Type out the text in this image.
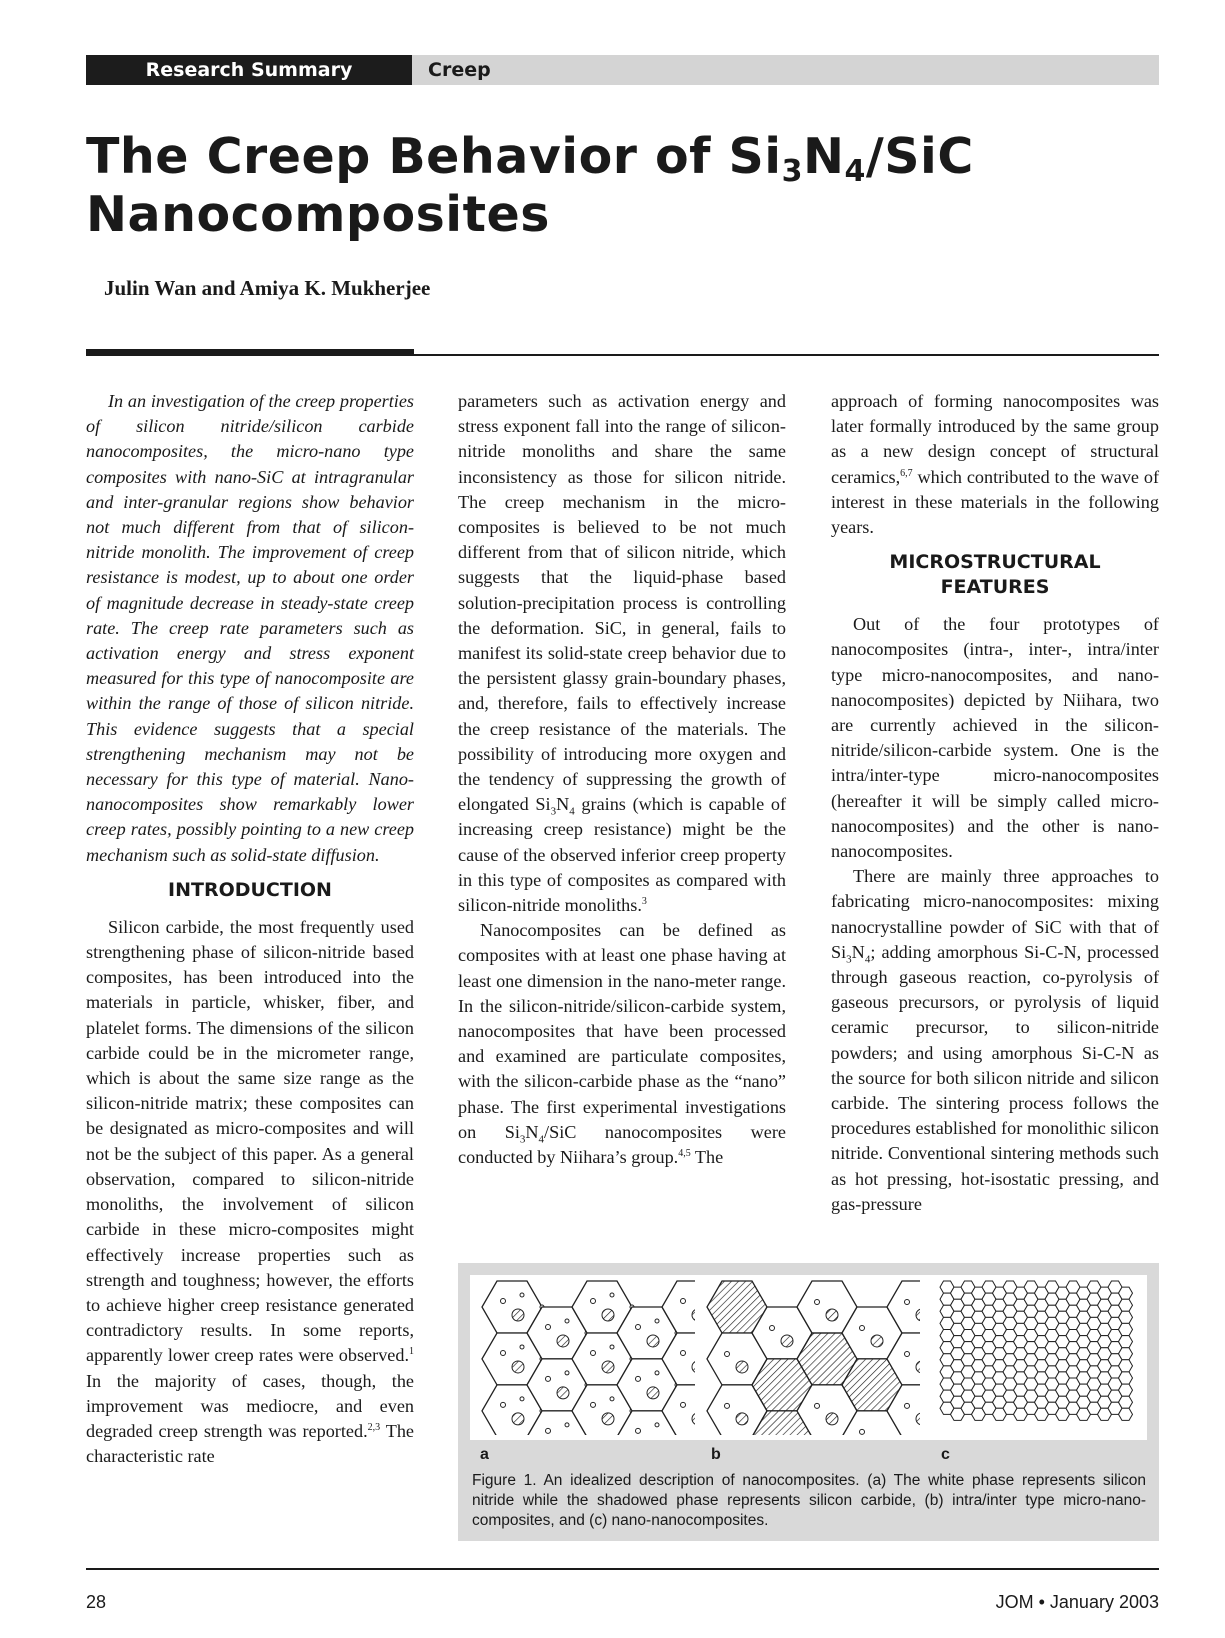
Research Summary	Creep
The Creep Behavior of $Si_3N_4$/SiC
Nanocomposites
Julin Wan and Amiya K. Mukherjee

In an investigation of the creep properties of silicon nitride/silicon carbide nanocomposites, the micro-nano type composites with nano-SiC at intragranular and inter-granular regions show behavior not much different from that of silicon-nitride monolith. The improvement of creep resistance is modest, up to about one order of magnitude decrease in steady-state creep rate. The creep rate parameters such as activation energy and stress exponent measured for this type of nanocomposite are within the range of those of silicon nitride. This evidence suggests that a special strengthening mechanism may not be necessary for this type of material. Nano-nanocomposites show remarkably lower creep rates, possibly pointing to a new creep mechanism such as solid-state diffusion.

INTRODUCTION

Silicon carbide, the most frequently used strengthening phase of silicon-nitride based composites, has been introduced into the materials in particle, whisker, fiber, and platelet forms. The dimensions of the silicon carbide could be in the micrometer range, which is about the same size range as the silicon-nitride matrix; these composites can be designated as micro-composites and will not be the subject of this paper. As a general observation, compared to silicon-nitride monoliths, the involvement of silicon carbide in these micro-composites might effectively increase properties such as strength and toughness; however, the efforts to achieve higher creep resistance generated contradictory results. In some reports, apparently lower creep rates were observed.$^1$ In the majority of cases, though, the improvement was mediocre, and even degraded creep strength was reported.$^{2,3}$ The characteristic rate

parameters such as activation energy and stress exponent fall into the range of silicon-nitride monoliths and share the same inconsistency as those for silicon nitride. The creep mechanism in the micro-composites is believed to be not much different from that of silicon nitride, which suggests that the liquid-phase based solution-precipitation process is controlling the deformation. SiC, in general, fails to manifest its solid-state creep behavior due to the persistent glassy grain-boundary phases, and, therefore, fails to effectively increase the creep resistance of the materials. The possibility of introducing more oxygen and the tendency of suppressing the growth of elongated $Si_3N_4$ grains (which is capable of increasing creep resistance) might be the cause of the observed inferior creep property in this type of composites as compared with silicon-nitride monoliths.$^3$

Nanocomposites can be defined as composites with at least one phase having at least one dimension in the nano-meter range. In the silicon-nitride/silicon-carbide system, nanocomposites that have been processed and examined are particulate composites, with the silicon-carbide phase as the “nano” phase. The first experimental investigations on $Si_3N_4$/SiC nanocomposites were conducted by Niihara’s group.$^{4,5}$ The

approach of forming nanocomposites was later formally introduced by the same group as a new design concept of structural ceramics,$^{6,7}$ which contributed to the wave of interest in these materials in the following years.

MICROSTRUCTURAL
FEATURES

Out of the four prototypes of nanocomposites (intra-, inter-, intra/inter type micro-nanocomposites, and nano-nanocomposites) depicted by Niihara, two are currently achieved in the silicon-nitride/silicon-carbide system. One is the intra/inter-type micro-nanocomposites (hereafter it will be simply called micro-nanocomposites) and the other is nano-nanocomposites.

There are mainly three approaches to fabricating micro-nanocomposites: mixing nanocrystalline powder of SiC with that of $Si_3N_4$; adding amorphous Si-C-N, processed through gaseous reaction, co-pyrolysis of gaseous precursors, or pyrolysis of liquid ceramic precursor, to silicon-nitride powders; and using amorphous Si-C-N as the source for both silicon nitride and silicon carbide. The sintering process follows the procedures established for monolithic silicon nitride. Conventional sintering methods such as hot pressing, hot-isostatic pressing, and gas-pressure

a	b	c
Figure 1. An idealized description of nanocomposites. (a) The white phase represents silicon nitride while the shadowed phase represents silicon carbide, (b) intra/inter type micro-nano-composites, and (c) nano-nanocomposites.
28	JOM • January 2003
